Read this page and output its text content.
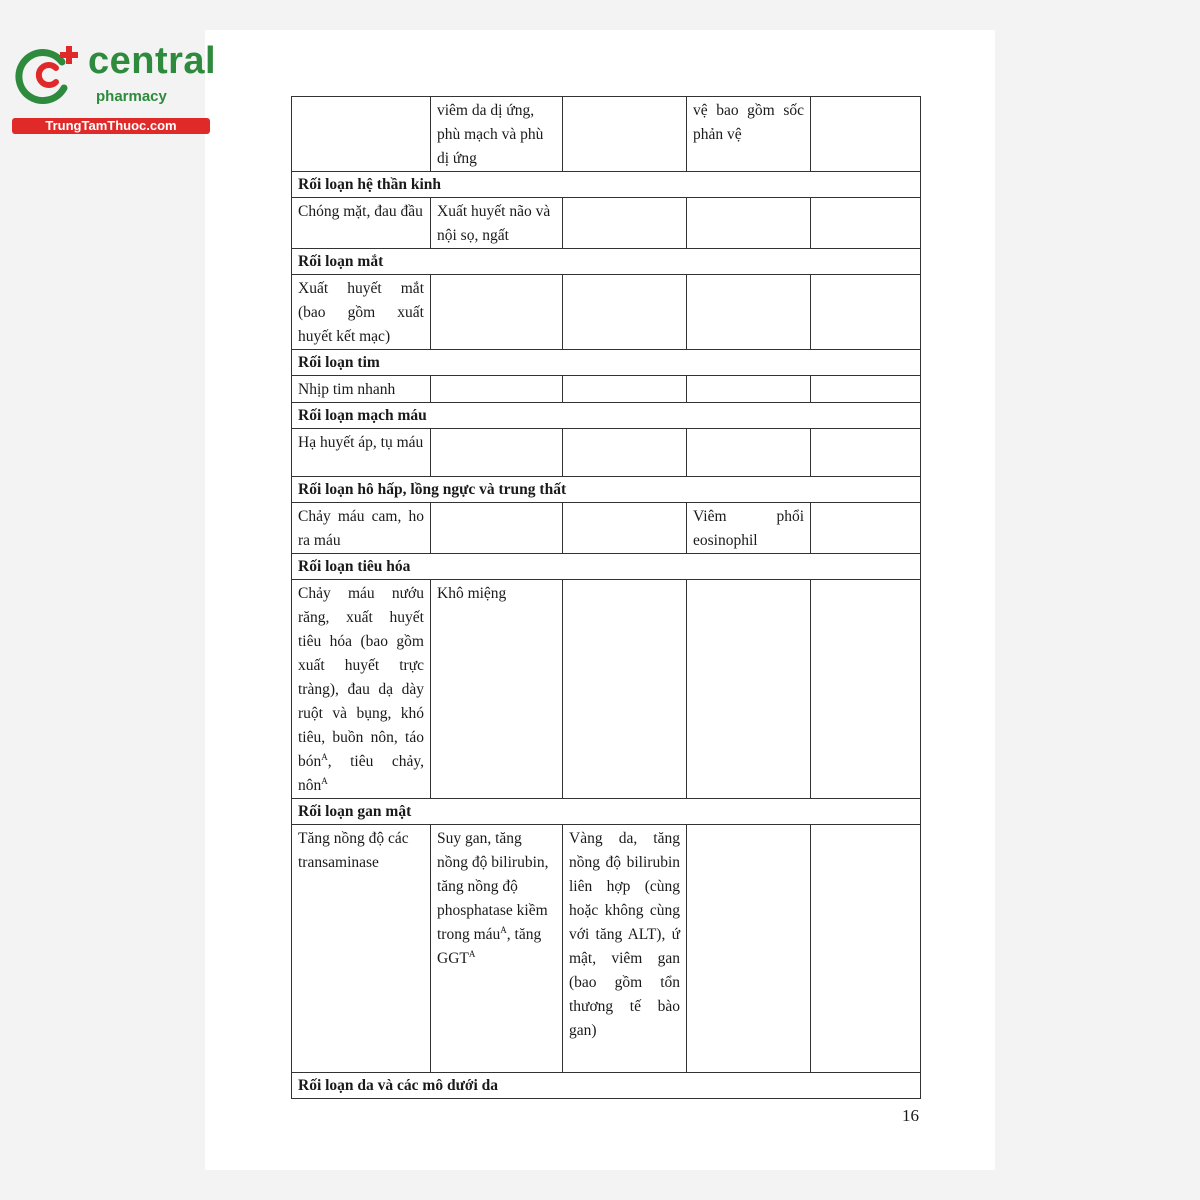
central
pharmacy
TrungTamThuoc.com
	viêm da dị ứng, phù mạch và phù dị ứng		vệ bao gồm sốc phản vệ	
Rối loạn hệ thần kinh				
Chóng mặt, đau đầu	Xuất huyết não và nội sọ, ngất			
Rối loạn mắt				
Xuất huyết mắt (bao gồm xuất huyết kết mạc)				
Rối loạn tim				
Nhịp tim nhanh				
Rối loạn mạch máu				
Hạ huyết áp, tụ máu				
Rối loạn hô hấp, lồng ngực và trung thất				
Chảy máu cam, ho ra máu			Viêm phổi eosinophil	
Rối loạn tiêu hóa				
Chảy máu nướu răng, xuất huyết tiêu hóa (bao gồm xuất huyết trực tràng), đau dạ dày ruột và bụng, khó tiêu, buồn nôn, táo bón$^A$, tiêu chảy, nôn$^A$	Khô miệng			
Rối loạn gan mật				
Tăng nồng độ các transaminase	Suy gan, tăng nồng độ bilirubin, tăng nồng độ phosphatase kiềm trong máu$^A$, tăng $GGT^A$	Vàng da, tăng nồng độ bilirubin liên hợp (cùng hoặc không cùng với tăng ALT), ứ mật, viêm gan (bao gồm tổn thương tế bào gan)		
Rối loạn da và các mô dưới da				
16
